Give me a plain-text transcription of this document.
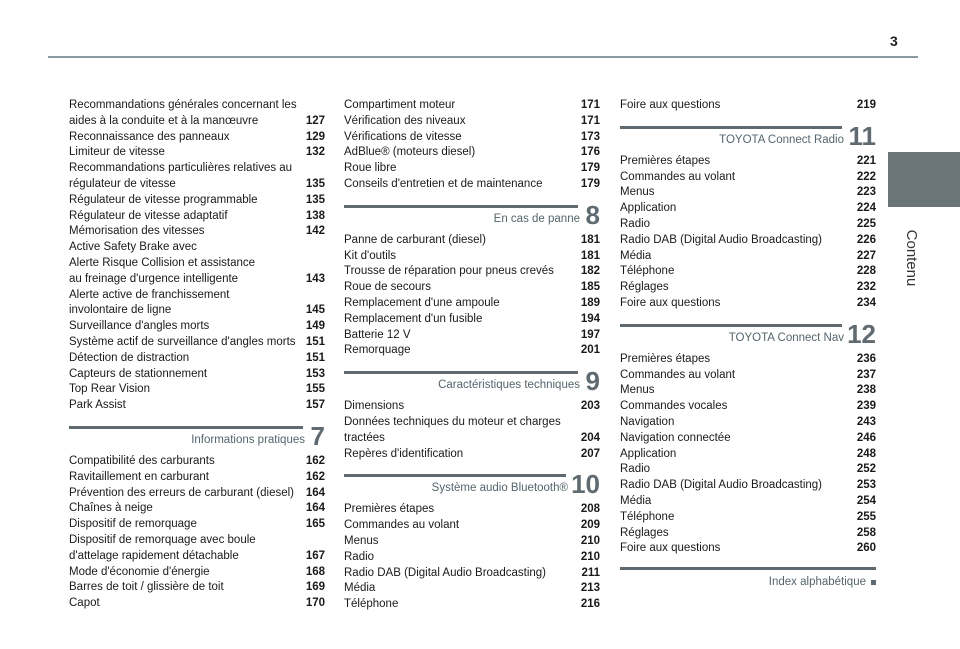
3
Contenu
Recommandations générales concernant les
aides à la conduite et à la manœuvre	127
Reconnaissance des panneaux	129
Limiteur de vitesse	132
Recommandations particulières relatives au
régulateur de vitesse	135
Régulateur de vitesse programmable	135
Régulateur de vitesse adaptatif	138
Mémorisation des vitesses	142
Active Safety Brake avec
Alerte Risque Collision et assistance
au freinage d'urgence intelligente	143
Alerte active de franchissement
involontaire de ligne	145
Surveillance d'angles morts	149
Système actif de surveillance d'angles morts 151
Détection de distraction	151
Capteurs de stationnement	153
Top Rear Vision	155
Park Assist	157
Informations pratiques 7
Compatibilité des carburants	162
Ravitaillement en carburant	162
Prévention des erreurs de carburant (diesel)	164
Chaînes à neige	164
Dispositif de remorquage	165
Dispositif de remorquage avec boule
d'attelage rapidement détachable	167
Mode d'économie d'énergie	168
Barres de toit / glissière de toit	169
Capot	170
Compartiment moteur	171
Vérification des niveaux	171
Vérifications de vitesse	173
AdBlue® (moteurs diesel)	176
Roue libre	179
Conseils d'entretien et de maintenance	179
En cas de panne 8
Panne de carburant (diesel)	181
Kit d'outils	181
Trousse de réparation pour pneus crevés	182
Roue de secours	185
Remplacement d'une ampoule	189
Remplacement d'un fusible	194
Batterie 12 V	197
Remorquage	201
Caractéristiques techniques 9
Dimensions	203
Données techniques du moteur et charges
tractées	204
Repères d'identification	207
Système audio Bluetooth® 10
Premières étapes	208
Commandes au volant	209
Menus	210
Radio	210
Radio DAB (Digital Audio Broadcasting)	211
Média	213
Téléphone	216
Foire aux questions	219
TOYOTA Connect Radio 11
Premières étapes	221
Commandes au volant	222
Menus	223
Application	224
Radio	225
Radio DAB (Digital Audio Broadcasting)	226
Média	227
Téléphone	228
Réglages	232
Foire aux questions	234
TOYOTA Connect Nav 12
Premières étapes	236
Commandes au volant	237
Menus	238
Commandes vocales	239
Navigation	243
Navigation connectée	246
Application	248
Radio	252
Radio DAB (Digital Audio Broadcasting)	253
Média	254
Téléphone	255
Réglages	258
Foire aux questions	260
Index alphabétique
